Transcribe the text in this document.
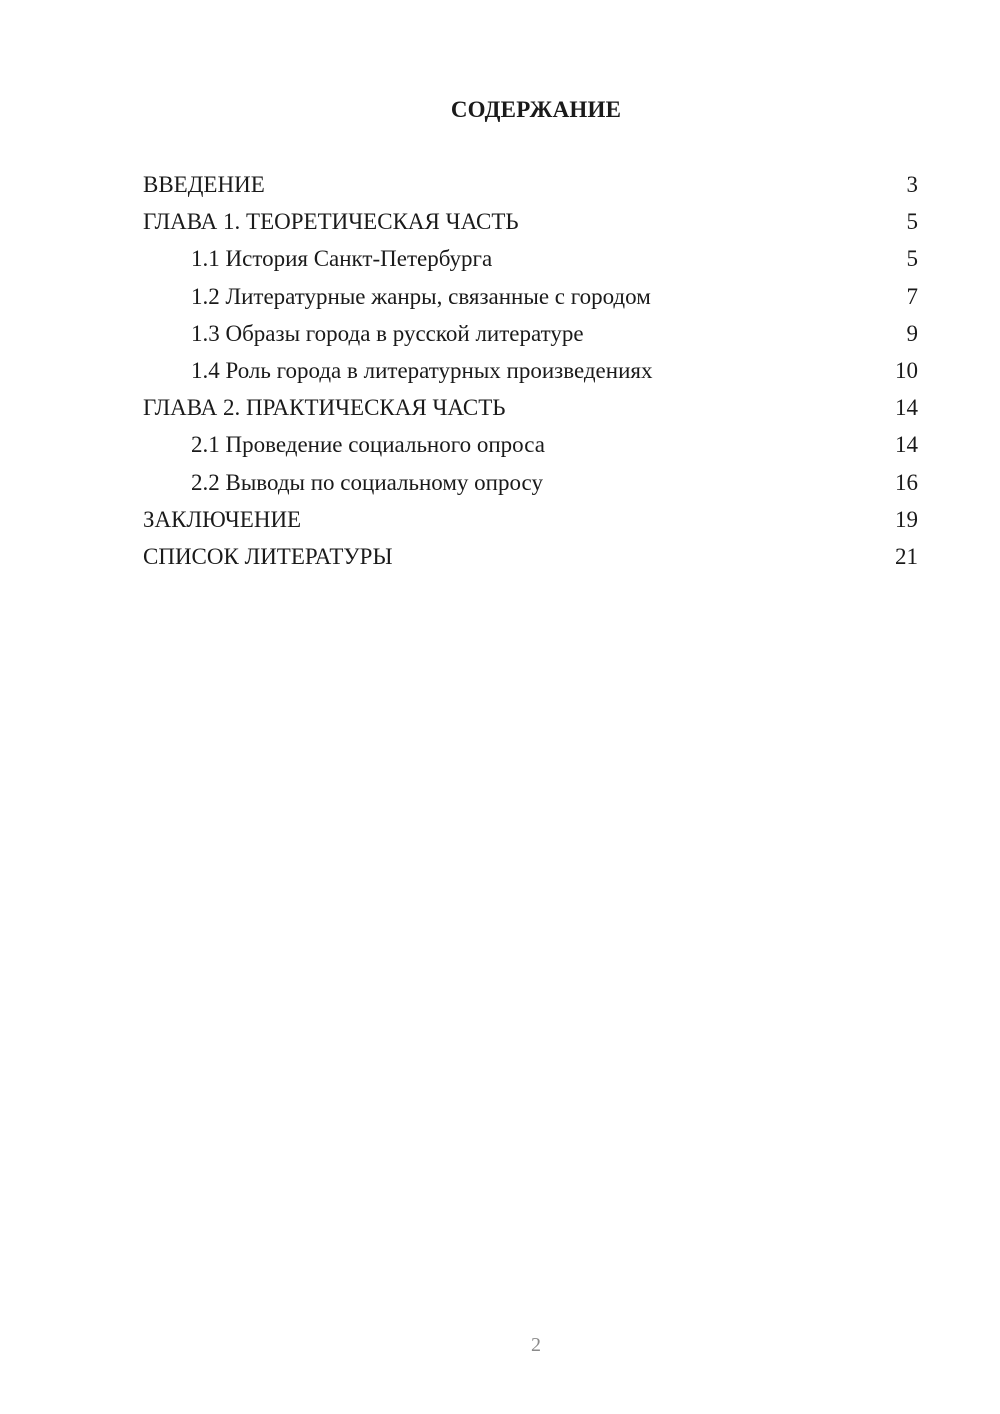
СОДЕРЖАНИЕ
ВВЕДЕНИЕ	3
ГЛАВА 1. ТЕОРЕТИЧЕСКАЯ ЧАСТЬ	5
1.1 История Санкт-Петербурга	5
1.2 Литературные жанры, связанные с городом	7
1.3 Образы города в русской литературе	9
1.4 Роль города в литературных произведениях	10
ГЛАВА 2. ПРАКТИЧЕСКАЯ ЧАСТЬ	14
2.1 Проведение социального опроса	14
2.2 Выводы по социальному опросу	16
ЗАКЛЮЧЕНИЕ	19
СПИСОК ЛИТЕРАТУРЫ	21
2
